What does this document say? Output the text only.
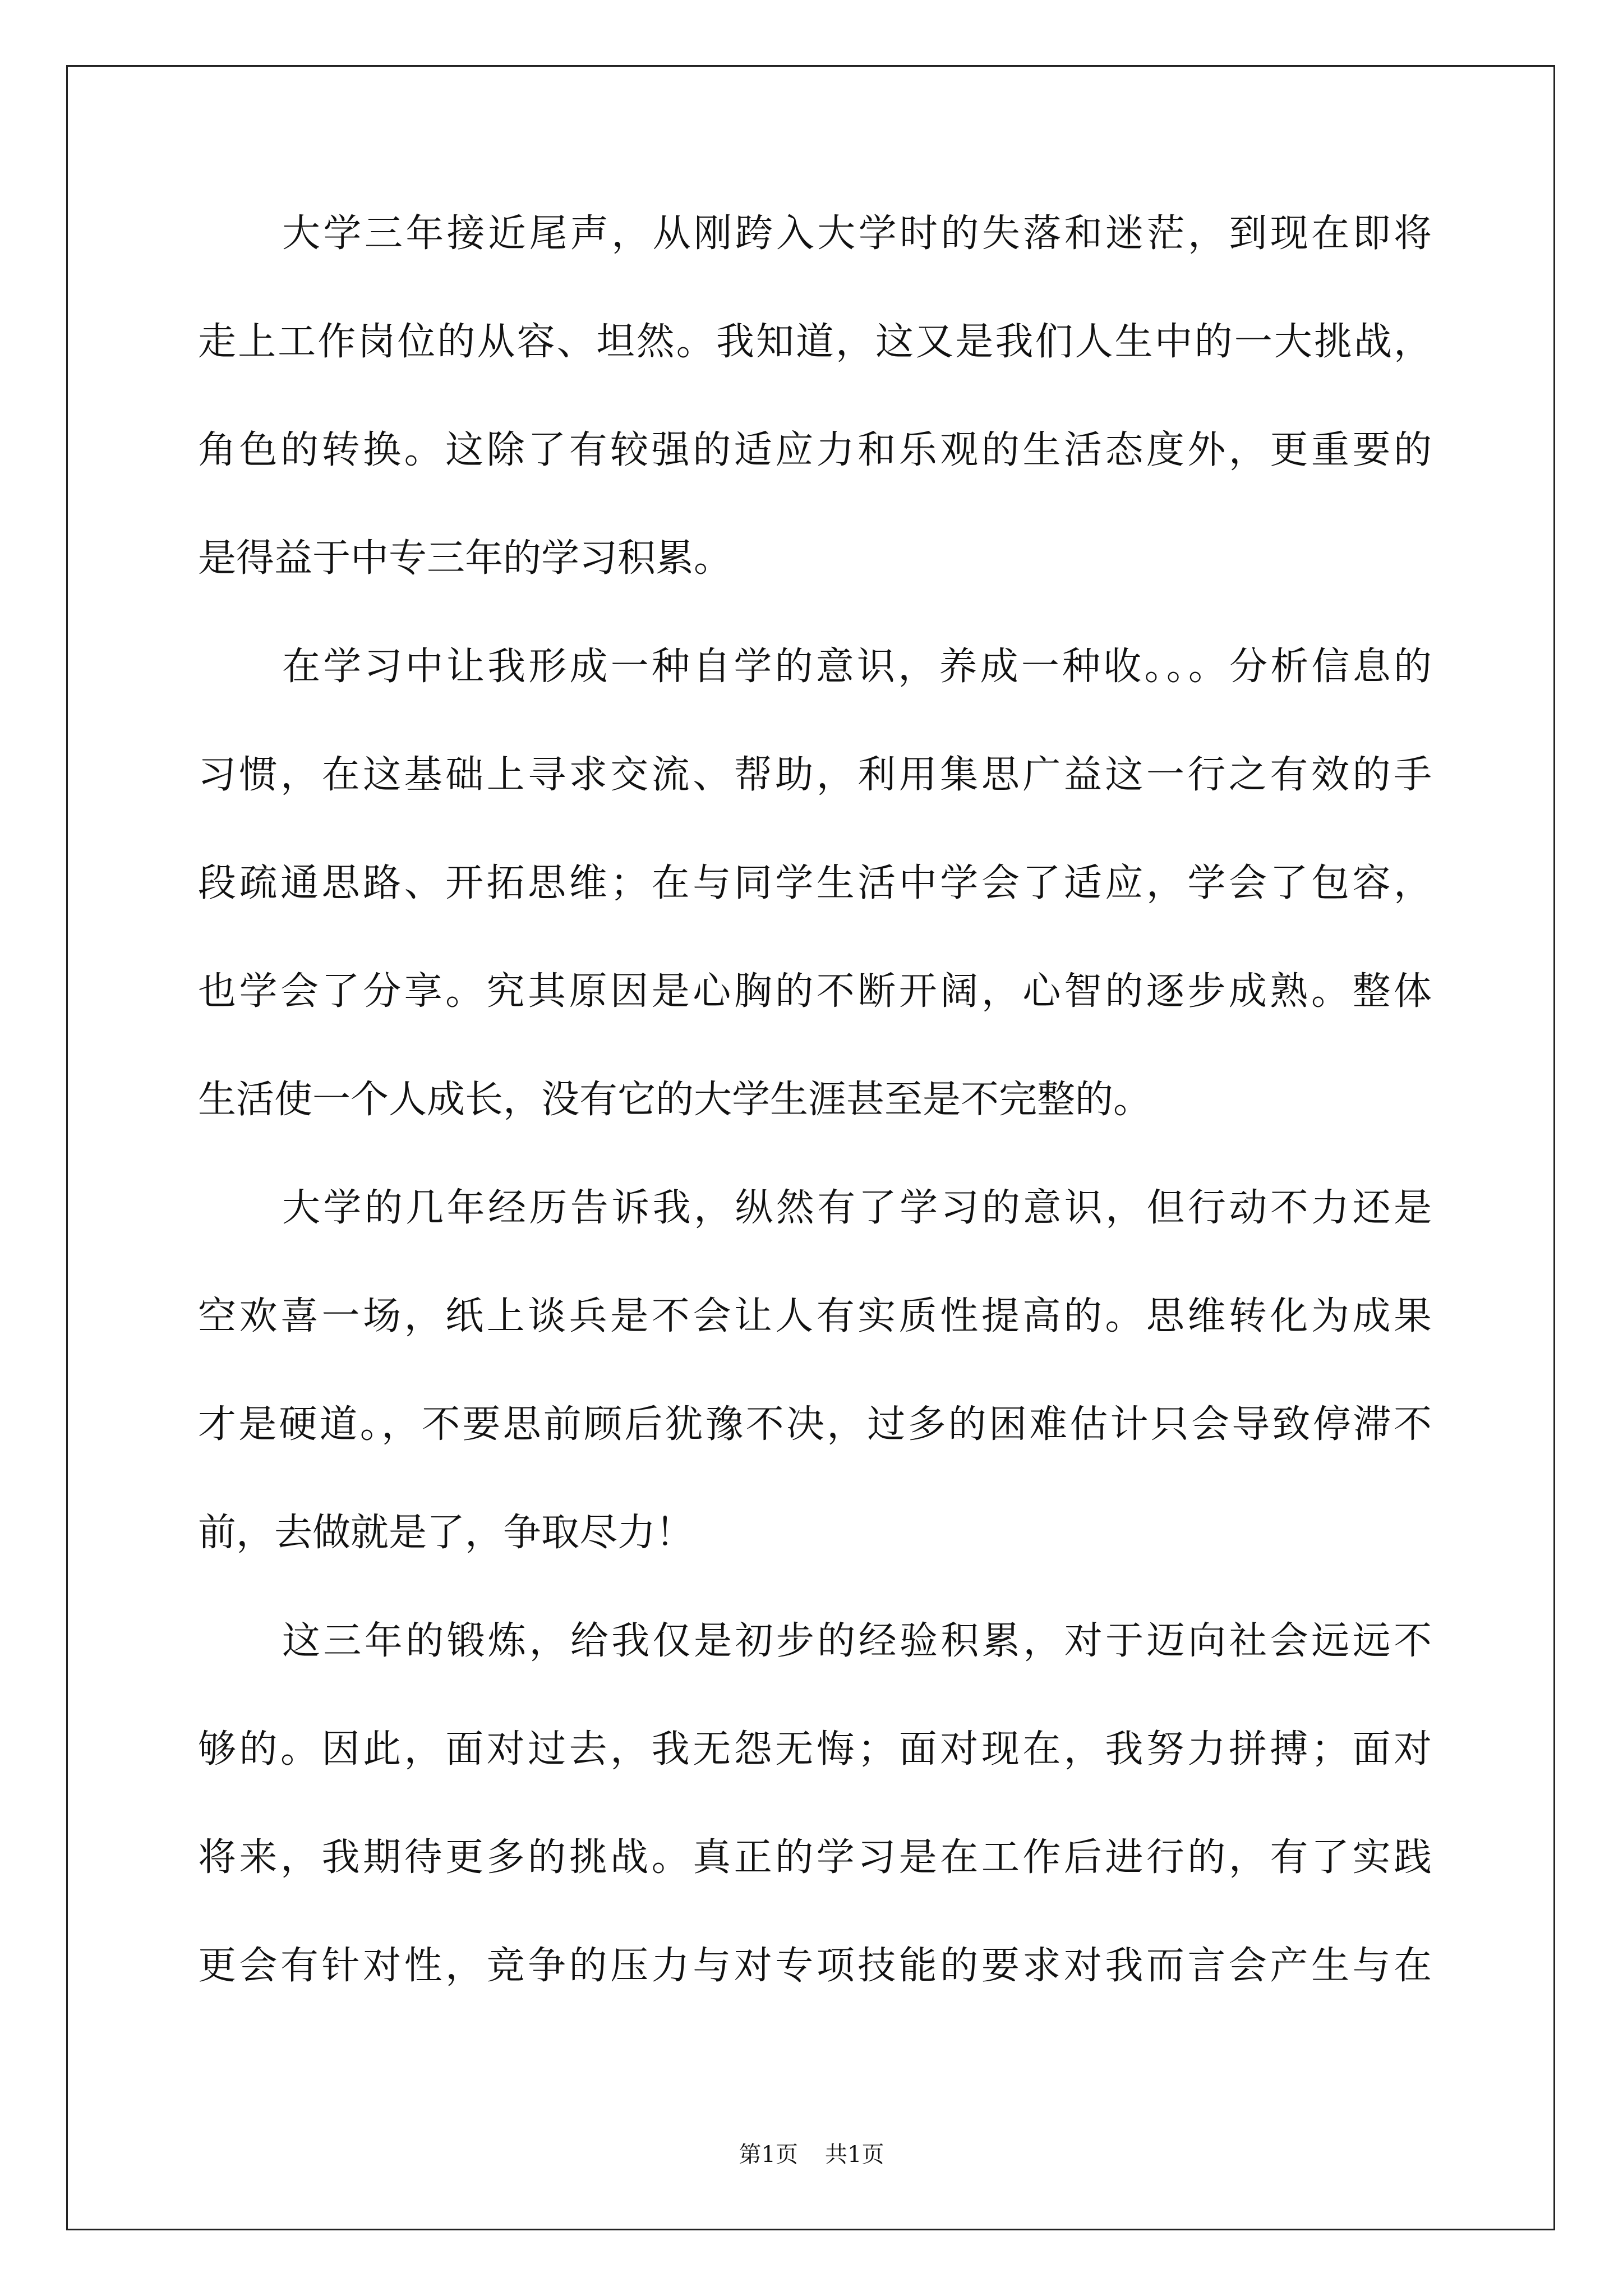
大学三年接近尾声，从刚跨入大学时的失落和迷茫，到现在即将
走上工作岗位的从容、坦然。我知道，这又是我们人生中的一大挑战，
角色的转换。这除了有较强的适应力和乐观的生活态度外，更重要的
是得益于中专三年的学习积累。
在学习中让我形成一种自学的意识，养成一种收。。。分析信息的
习惯，在这基础上寻求交流、帮助，利用集思广益这一行之有效的手
段疏通思路、开拓思维；在与同学生活中学会了适应，学会了包容，
也学会了分享。究其原因是心胸的不断开阔，心智的逐步成熟。整体
生活使一个人成长，没有它的大学生涯甚至是不完整的。
大学的几年经历告诉我，纵然有了学习的意识，但行动不力还是
空欢喜一场，纸上谈兵是不会让人有实质性提高的。思维转化为成果
才是硬道。，不要思前顾后犹豫不决，过多的困难估计只会导致停滞不
前，去做就是了，争取尽力！
这三年的锻炼，给我仅是初步的经验积累，对于迈向社会远远不
够的。因此，面对过去，我无怨无悔；面对现在，我努力拼搏；面对
将来，我期待更多的挑战。真正的学习是在工作后进行的，有了实践
更会有针对性，竞争的压力与对专项技能的要求对我而言会产生与在
第1页 共1页
